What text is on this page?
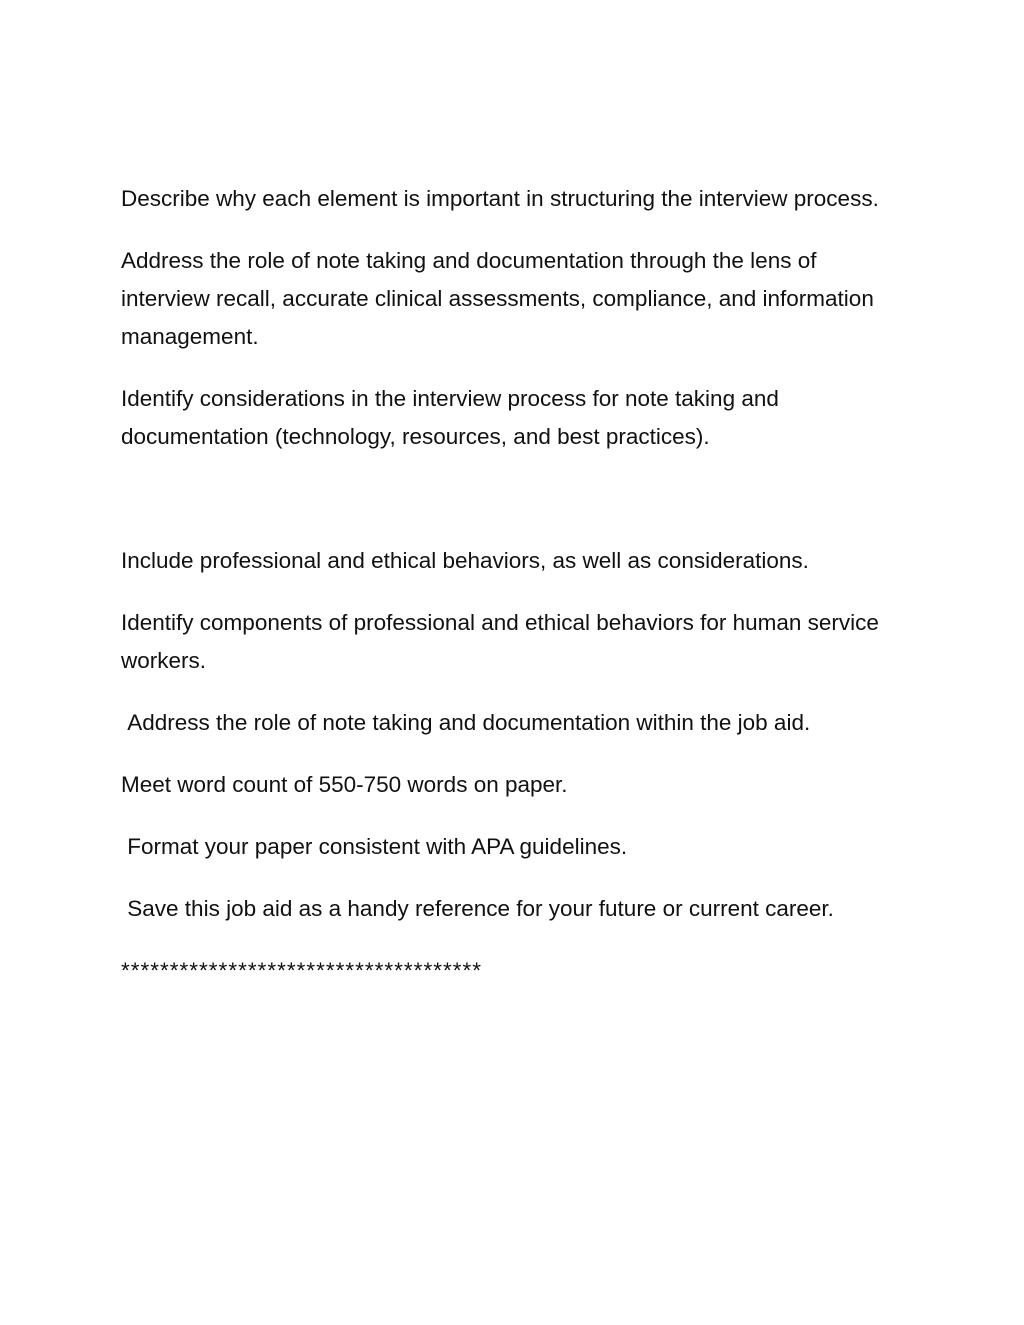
Describe why each element is important in structuring the interview process.

Address the role of note taking and documentation through the lens of interview recall, accurate clinical assessments, compliance, and information management.

Identify considerations in the interview process for note taking and documentation (technology, resources, and best practices).

Include professional and ethical behaviors, as well as considerations.

Identify components of professional and ethical behaviors for human service workers.

Address the role of note taking and documentation within the job aid.

Meet word count of 550-750 words on paper.

Format your paper consistent with APA guidelines.

Save this job aid as a handy reference for your future or current career.

*************************************
